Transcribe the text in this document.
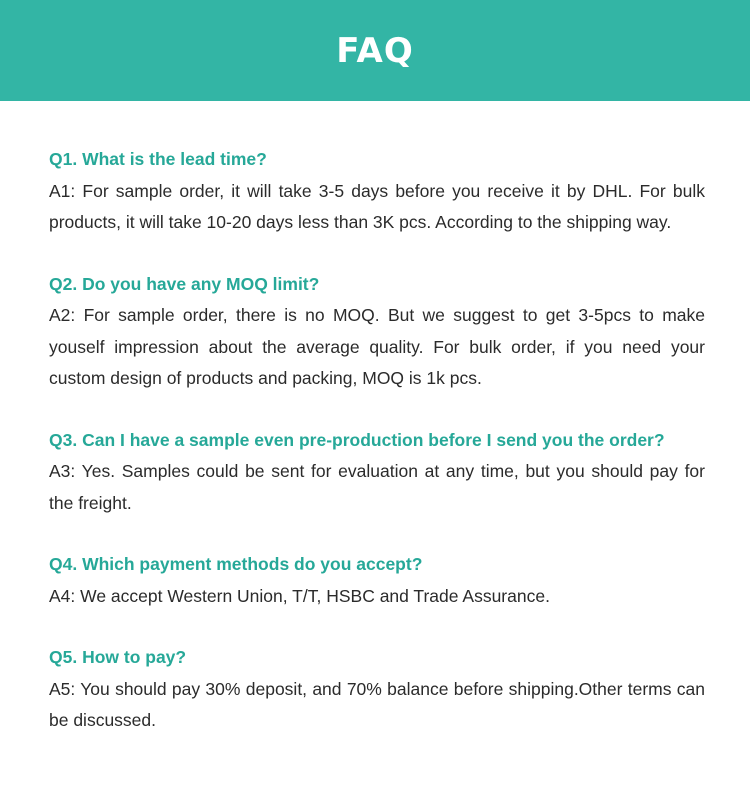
FAQ
Q1. What is the lead time?
A1: For sample order, it will take 3-5 days before you receive it by DHL. For bulk products, it will take 10-20 days less than 3K pcs. According to the shipping way.
Q2. Do you have any MOQ limit?
A2: For sample order, there is no MOQ. But we suggest to get 3-5pcs to make youself impression about the average quality. For bulk order, if you need your custom design of products and packing, MOQ is 1k pcs.
Q3. Can I have a sample even pre-production before I send you the order?
A3: Yes. Samples could be sent for evaluation at any time, but you should pay for the freight.
Q4. Which payment methods do you accept?
A4: We accept Western Union, T/T, HSBC and Trade Assurance.
Q5. How to pay?
A5: You should pay 30% deposit, and 70% balance before shipping.Other terms can be discussed.
